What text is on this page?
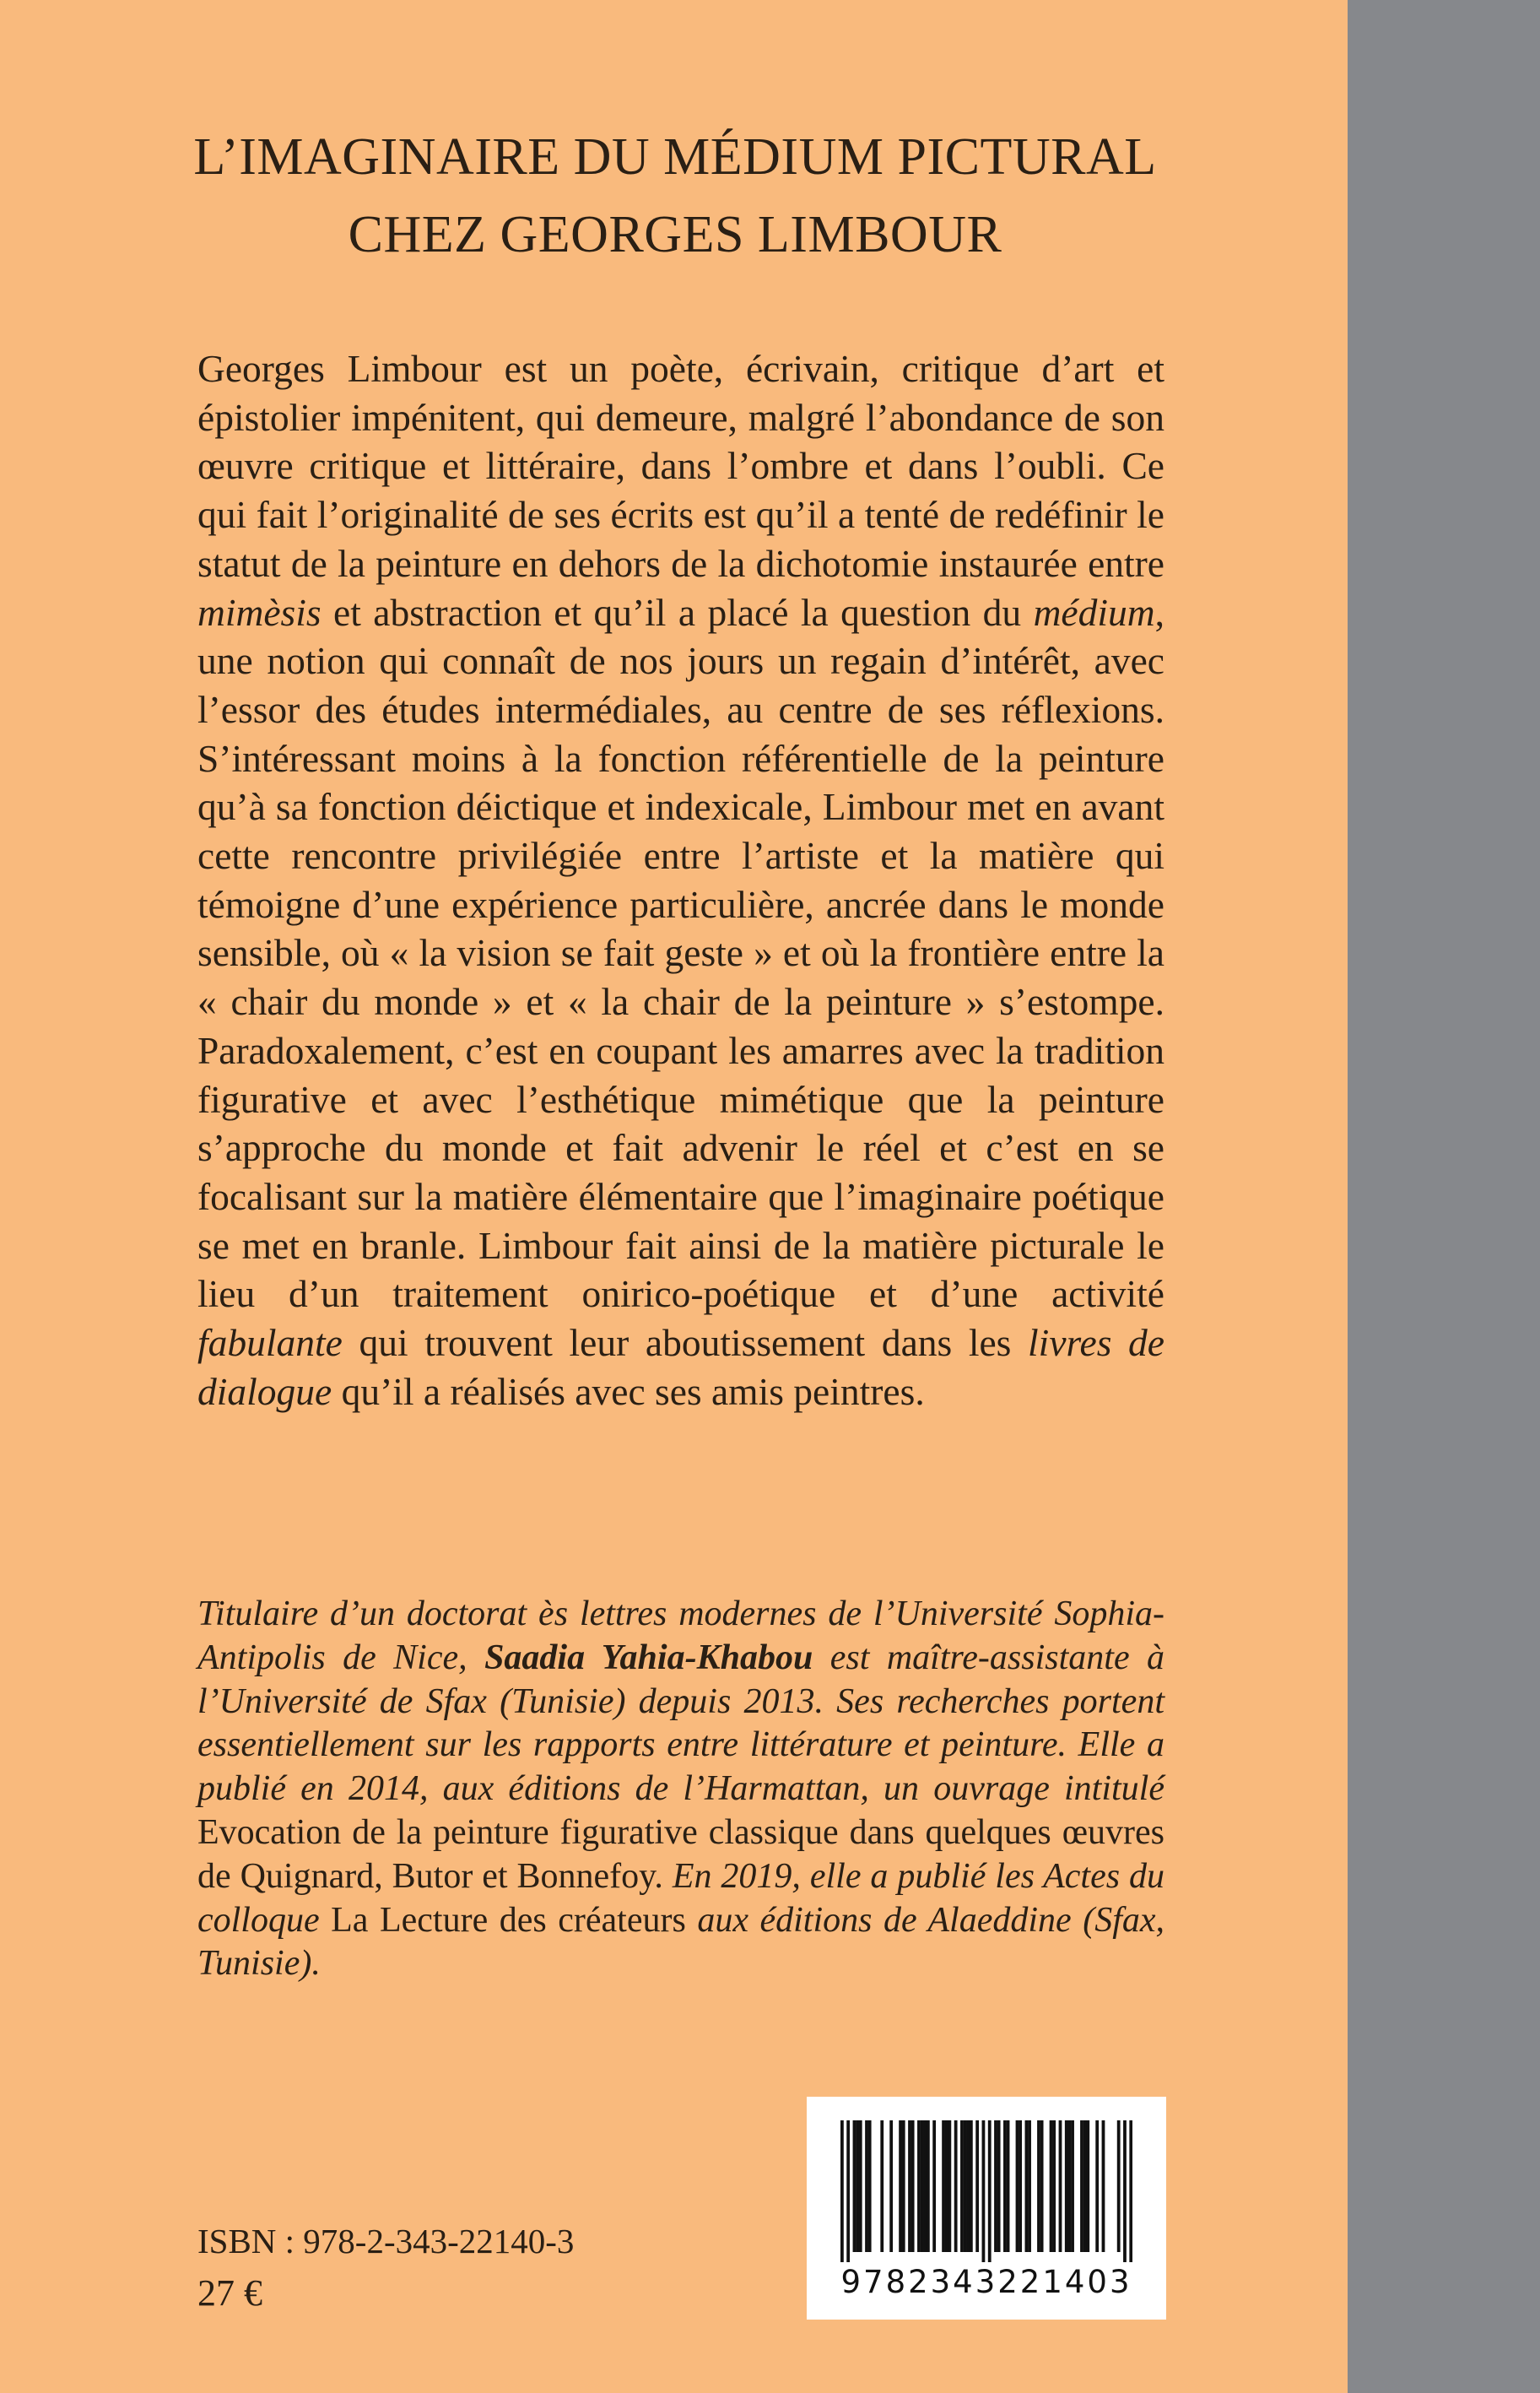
L’IMAGINAIRE DU MÉDIUM PICTURAL
CHEZ GEORGES LIMBOUR

Georges Limbour est un poète, écrivain, critique d’art et épistolier impénitent, qui demeure, malgré l’abondance de son œuvre critique et littéraire, dans l’ombre et dans l’oubli. Ce qui fait l’originalité de ses écrits est qu’il a tenté de redéfinir le statut de la peinture en dehors de la dichotomie instaurée entre mimèsis et abstraction et qu’il a placé la question du médium, une notion qui connaît de nos jours un regain d’intérêt, avec l’essor des études intermédiales, au centre de ses réflexions. S’intéressant moins à la fonction référentielle de la peinture qu’à sa fonction déictique et indexicale, Limbour met en avant cette rencontre privilégiée entre l’artiste et la matière qui témoigne d’une expérience particulière, ancrée dans le monde sensible, où « la vision se fait geste » et où la frontière entre la « chair du monde » et « la chair de la peinture » s’estompe. Paradoxalement, c’est en coupant les amarres avec la tradition figurative et avec l’esthétique mimétique que la peinture s’approche du monde et fait advenir le réel et c’est en se focalisant sur la matière élémentaire que l’imaginaire poétique se met en branle. Limbour fait ainsi de la matière picturale le lieu d’un traitement onirico-poétique et d’une activité fabulante qui trouvent leur aboutissement dans les livres de dialogue qu’il a réalisés avec ses amis peintres.

Titulaire d’un doctorat ès lettres modernes de l’Université Sophia-Antipolis de Nice, Saadia Yahia-Khabou est maître-assistante à l’Université de Sfax (Tunisie) depuis 2013. Ses recherches portent essentiellement sur les rapports entre littérature et peinture. Elle a publié en 2014, aux éditions de l’Harmattan, un ouvrage intitulé Evocation de la peinture figurative classique dans quelques œuvres de Quignard, Butor et Bonnefoy. En 2019, elle a publié les Actes du colloque La Lecture des créateurs aux éditions de Alaeddine (Sfax, Tunisie).

ISBN : 978-2-343-22140-3
27 €	9782343221403
